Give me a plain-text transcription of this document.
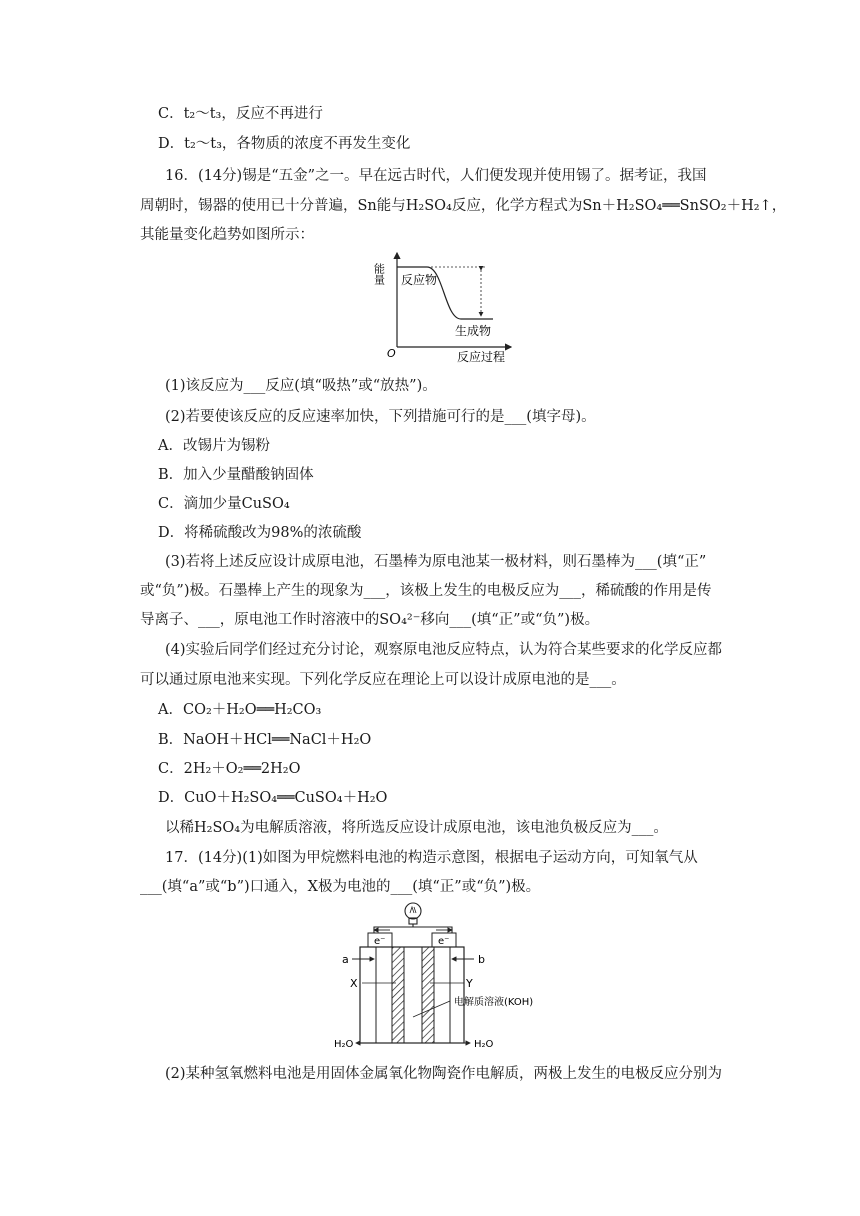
C．t₂～t₃，反应不再进行
D．t₂～t₃，各物质的浓度不再发生变化
16．(14分)锡是“五金”之一。早在远古时代，人们便发现并使用锡了。据考证，我国
周朝时，锡器的使用已十分普遍，Sn能与H₂SO₄反应，化学方程式为Sn＋H₂SO₄══SnSO₂＋H₂↑，
其能量变化趋势如图所示：
能量 反应物
生成物
O	反应过程
(1)该反应为___反应(填“吸热”或“放热”)。
(2)若要使该反应的反应速率加快，下列措施可行的是___(填字母)。
A．改锡片为锡粉
B．加入少量醋酸钠固体
C．滴加少量CuSO₄
D．将稀硫酸改为98%的浓硫酸
(3)若将上述反应设计成原电池，石墨棒为原电池某一极材料，则石墨棒为___(填“正”
或“负”)极。石墨棒上产生的现象为___，该极上发生的电极反应为___，稀硫酸的作用是传
导离子、___，原电池工作时溶液中的SO₄²⁻移向___(填“正”或“负”)极。
(4)实验后同学们经过充分讨论，观察原电池反应特点，认为符合某些要求的化学反应都
可以通过原电池来实现。下列化学反应在理论上可以设计成原电池的是___。
A．CO₂＋H₂O══H₂CO₃
B．NaOH＋HCl══NaCl＋H₂O
C．2H₂＋O₂══2H₂O
D．CuO＋H₂SO₄══CuSO₄＋H₂O
以稀H₂SO₄为电解质溶液，将所选反应设计成原电池，该电池负极反应为___。
17．(14分)(1)如图为甲烷燃料电池的构造示意图，根据电子运动方向，可知氧气从
___(填“a”或“b”)口通入，X极为电池的___(填“正”或“负”)极。
e⁻	e⁻
a	b
X	Y
电解质溶液(KOH)
H₂O	H₂O
(2)某种氢氧燃料电池是用固体金属氧化物陶瓷作电解质，两极上发生的电极反应分别为
